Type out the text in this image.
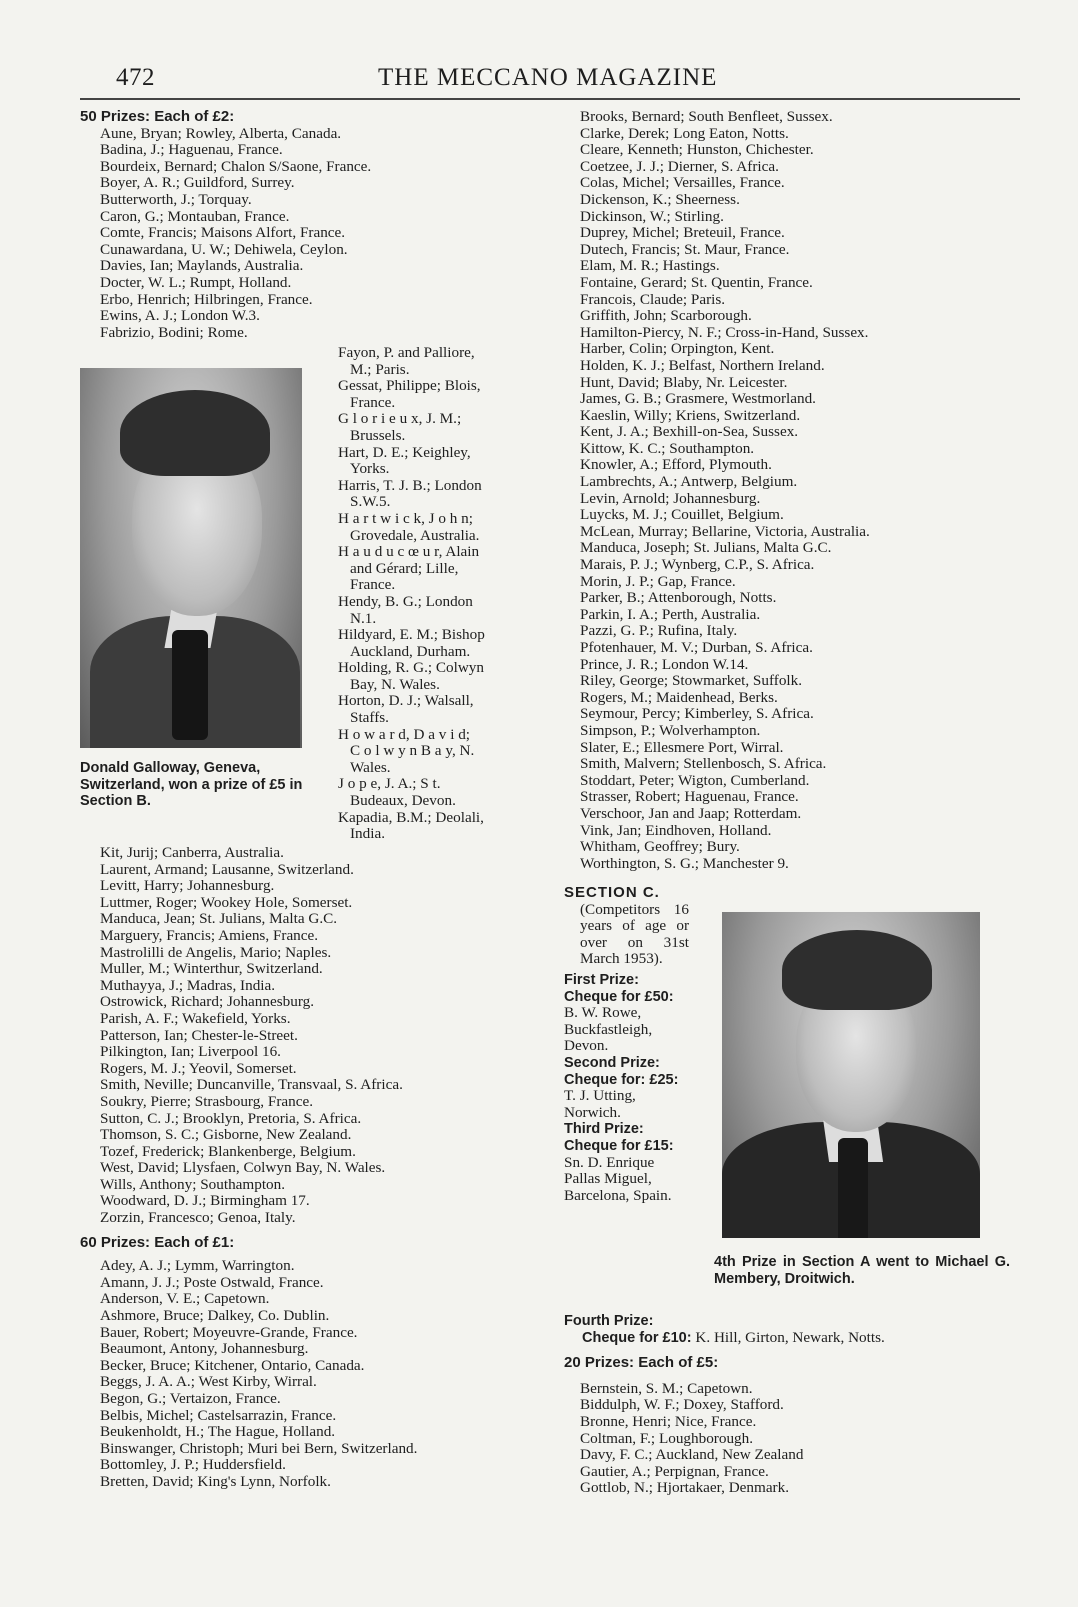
472	THE MECCANO MAGAZINE
50 Prizes: Each of £2:
Aune, Bryan; Rowley, Alberta, Canada.
Badina, J.; Haguenau, France.
Bourdeix, Bernard; Chalon S/Saone, France.
Boyer, A. R.; Guildford, Surrey.
Butterworth, J.; Torquay.
Caron, G.; Montauban, France.
Comte, Francis; Maisons Alfort, France.
Cunawardana, U. W.; Dehiwela, Ceylon.
Davies, Ian; Maylands, Australia.
Docter, W. L.; Rumpt, Holland.
Erbo, Henrich; Hilbringen, France.
Ewins, A. J.; London W.3.
Fabrizio, Bodini; Rome.
Donald Galloway, Geneva, Switzerland, won a prize of £5 in Section B.
Fayon, P. and Palliore,
M.; Paris.
Gessat, Philippe; Blois,
France.
G l o r i e u x, J. M.;
Brussels.
Hart, D. E.; Keighley,
Yorks.
Harris, T. J. B.; London
S.W.5.
H a r t w i c k, J o h n;
Grovedale, Australia.
H a u d u c œ u r, Alain
and Gérard; Lille,
France.
Hendy, B. G.; London
N.1.
Hildyard, E. M.; Bishop
Auckland, Durham.
Holding, R. G.; Colwyn
Bay, N. Wales.
Horton, D. J.; Walsall,
Staffs.
H o w a r d, D a v i d;
C o l w y n B a y, N.
Wales.
J o p e, J. A.; S t.
Budeaux, Devon.
Kapadia, B.M.; Deolali,
India.
Kit, Jurij; Canberra, Australia.
Laurent, Armand; Lausanne, Switzerland.
Levitt, Harry; Johannesburg.
Luttmer, Roger; Wookey Hole, Somerset.
Manduca, Jean; St. Julians, Malta G.C.
Marguery, Francis; Amiens, France.
Mastrolilli de Angelis, Mario; Naples.
Muller, M.; Winterthur, Switzerland.
Muthayya, J.; Madras, India.
Ostrowick, Richard; Johannesburg.
Parish, A. F.; Wakefield, Yorks.
Patterson, Ian; Chester-le-Street.
Pilkington, Ian; Liverpool 16.
Rogers, M. J.; Yeovil, Somerset.
Smith, Neville; Duncanville, Transvaal, S. Africa.
Soukry, Pierre; Strasbourg, France.
Sutton, C. J.; Brooklyn, Pretoria, S. Africa.
Thomson, S. C.; Gisborne, New Zealand.
Tozef, Frederick; Blankenberge, Belgium.
West, David; Llysfaen, Colwyn Bay, N. Wales.
Wills, Anthony; Southampton.
Woodward, D. J.; Birmingham 17.
Zorzin, Francesco; Genoa, Italy.
60 Prizes: Each of £1:
Adey, A. J.; Lymm, Warrington.
Amann, J. J.; Poste Ostwald, France.
Anderson, V. E.; Capetown.
Ashmore, Bruce; Dalkey, Co. Dublin.
Bauer, Robert; Moyeuvre-Grande, France.
Beaumont, Antony, Johannesburg.
Becker, Bruce; Kitchener, Ontario, Canada.
Beggs, J. A. A.; West Kirby, Wirral.
Begon, G.; Vertaizon, France.
Belbis, Michel; Castelsarrazin, France.
Beukenholdt, H.; The Hague, Holland.
Binswanger, Christoph; Muri bei Bern, Switzerland.
Bottomley, J. P.; Huddersfield.
Bretten, David; King's Lynn, Norfolk.
Brooks, Bernard; South Benfleet, Sussex.
Clarke, Derek; Long Eaton, Notts.
Cleare, Kenneth; Hunston, Chichester.
Coetzee, J. J.; Dierner, S. Africa.
Colas, Michel; Versailles, France.
Dickenson, K.; Sheerness.
Dickinson, W.; Stirling.
Duprey, Michel; Breteuil, France.
Dutech, Francis; St. Maur, France.
Elam, M. R.; Hastings.
Fontaine, Gerard; St. Quentin, France.
Francois, Claude; Paris.
Griffith, John; Scarborough.
Hamilton-Piercy, N. F.; Cross-in-Hand, Sussex.
Harber, Colin; Orpington, Kent.
Holden, K. J.; Belfast, Northern Ireland.
Hunt, David; Blaby, Nr. Leicester.
James, G. B.; Grasmere, Westmorland.
Kaeslin, Willy; Kriens, Switzerland.
Kent, J. A.; Bexhill-on-Sea, Sussex.
Kittow, K. C.; Southampton.
Knowler, A.; Efford, Plymouth.
Lambrechts, A.; Antwerp, Belgium.
Levin, Arnold; Johannesburg.
Luycks, M. J.; Couillet, Belgium.
McLean, Murray; Bellarine, Victoria, Australia.
Manduca, Joseph; St. Julians, Malta G.C.
Marais, P. J.; Wynberg, C.P., S. Africa.
Morin, J. P.; Gap, France.
Parker, B.; Attenborough, Notts.
Parkin, I. A.; Perth, Australia.
Pazzi, G. P.; Rufina, Italy.
Pfotenhauer, M. V.; Durban, S. Africa.
Prince, J. R.; London W.14.
Riley, George; Stowmarket, Suffolk.
Rogers, M.; Maidenhead, Berks.
Seymour, Percy; Kimberley, S. Africa.
Simpson, P.; Wolverhampton.
Slater, E.; Ellesmere Port, Wirral.
Smith, Malvern; Stellenbosch, S. Africa.
Stoddart, Peter; Wigton, Cumberland.
Strasser, Robert; Haguenau, France.
Verschoor, Jan and Jaap; Rotterdam.
Vink, Jan; Eindhoven, Holland.
Whitham, Geoffrey; Bury.
Worthington, S. G.; Manchester 9.
SECTION C.
(Competitors 16 years of age or over on 31st March 1953).
First Prize: Cheque for £50: B. W. Rowe, Buckfastleigh, Devon.
Second Prize: Cheque for: £25: T. J. Utting, Norwich.
Third Prize: Cheque for £15: Sn. D. Enrique Pallas Miguel, Barcelona, Spain.
4th Prize in Section A went to Michael G. Membery, Droitwich.
Fourth Prize:
Cheque for £10: K. Hill, Girton, Newark, Notts.
20 Prizes: Each of £5:
Bernstein, S. M.; Capetown.
Biddulph, W. F.; Doxey, Stafford.
Bronne, Henri; Nice, France.
Coltman, F.; Loughborough.
Davy, F. C.; Auckland, New Zealand
Gautier, A.; Perpignan, France.
Gottlob, N.; Hjortakaer, Denmark.
